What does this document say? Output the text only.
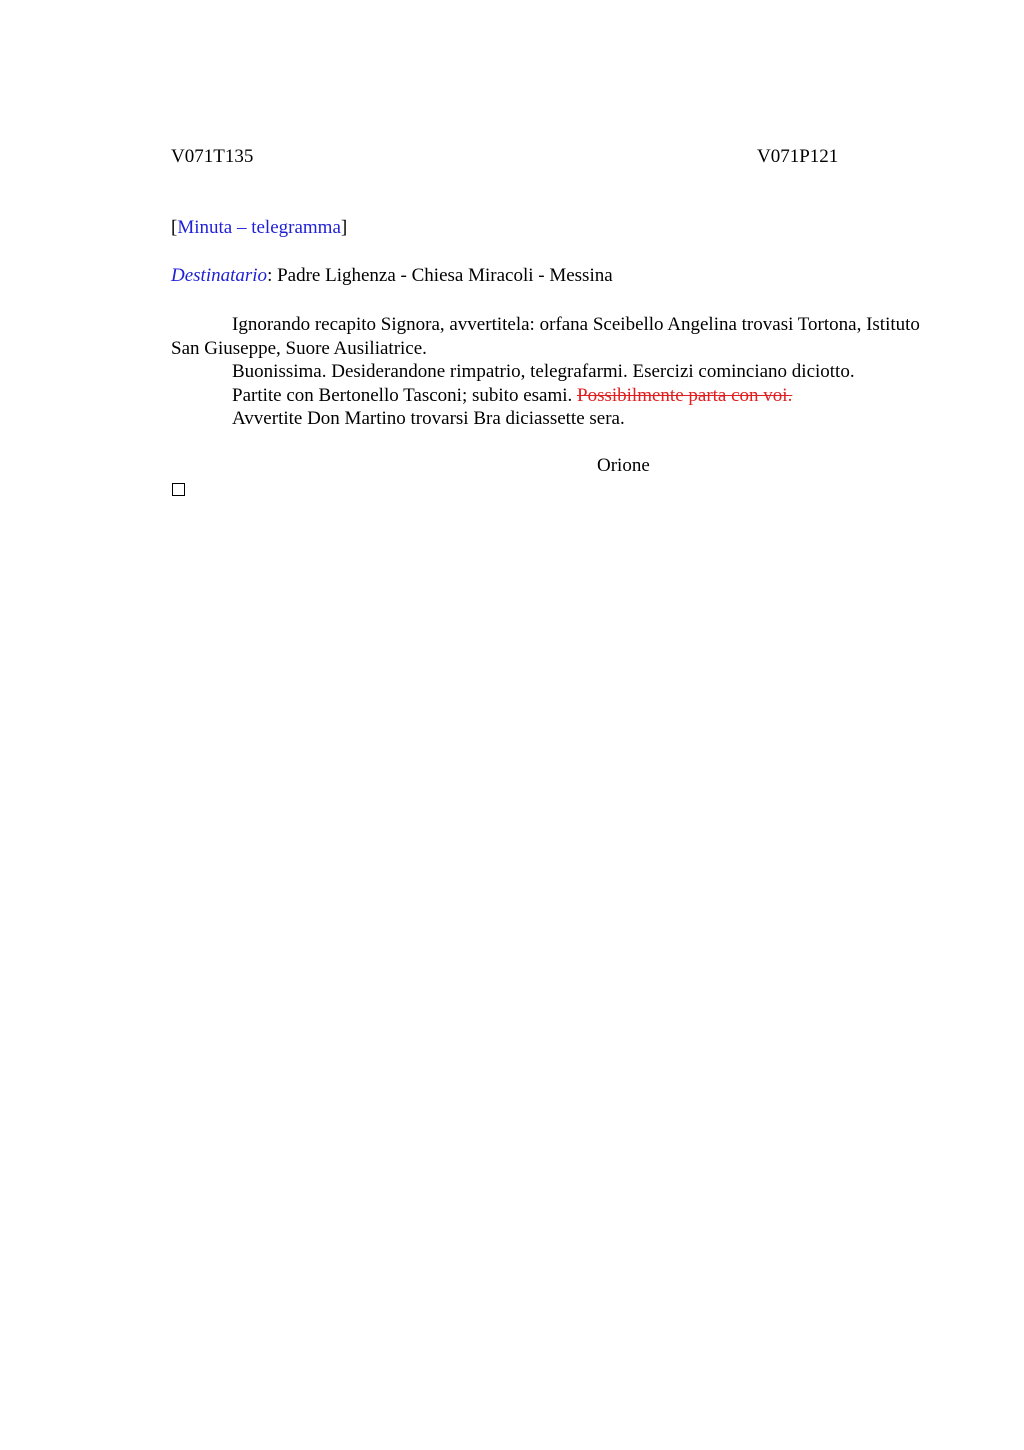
V071T135	V071P121
[Minuta – telegramma]
Destinatario: Padre Lighenza - Chiesa Miracoli - Messina

Ignorando recapito Signora, avvertitela: orfana Sceibello Angelina trovasi Tortona, Istituto San Giuseppe, Suore Ausiliatrice.

Buonissima. Desiderandone rimpatrio, telegrafarmi. Esercizi cominciano diciotto.

Partite con Bertonello Tasconi; subito esami. Possibilmente parta con voi.

Avvertite Don Martino trovarsi Bra diciassette sera.

Orione
